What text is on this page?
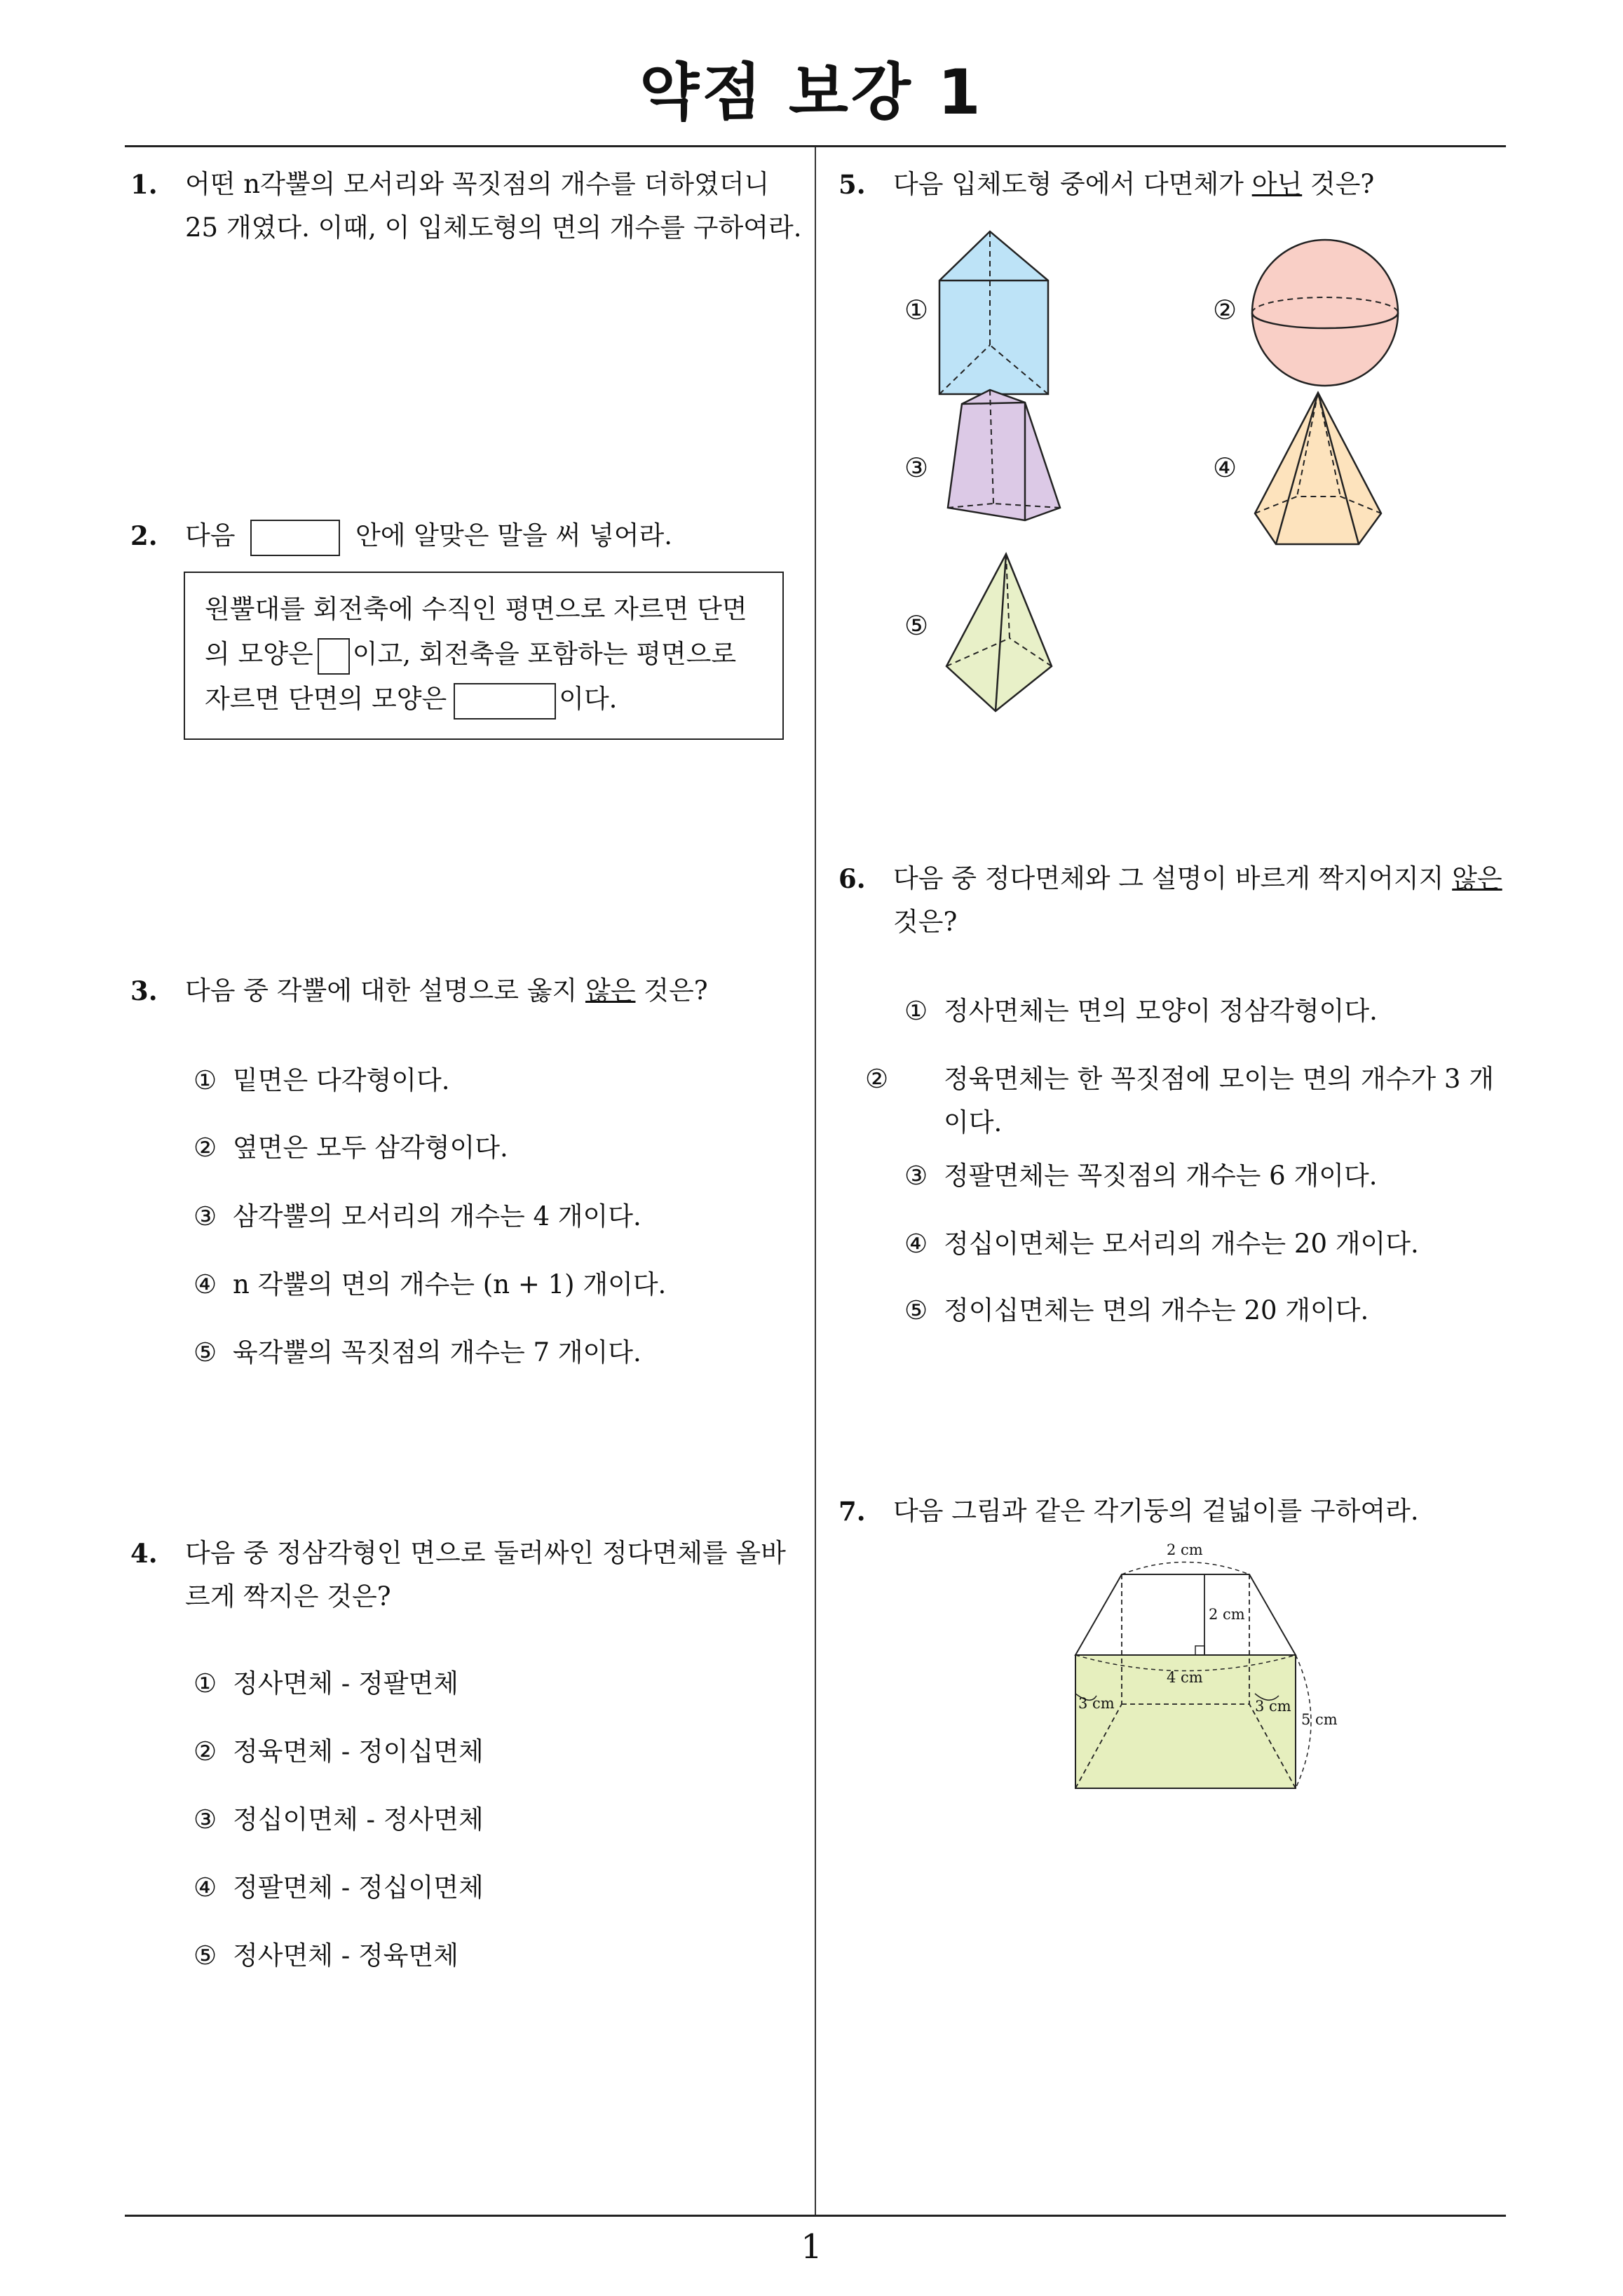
약점 보강 1
1
1. 어떤 n각뿔의 모서리와 꼭짓점의 개수를 더하였더니 25 개였다. 이때, 이 입체도형의 면의 개수를 구하여라.
2. 다음	안에 알맞은 말을 써 넣어라.
원뿔대를 회전축에 수직인 평면으로 자르면 단면
의 모양은 이고, 회전축을 포함하는 평면으로
자르면 단면의 모양은	이다.
3. 다음 중 각뿔에 대한 설명으로 옳지 않은 것은?
① 밑면은 다각형이다.
② 옆면은 모두 삼각형이다.
③ 삼각뿔의 모서리의 개수는 4 개이다.
④ n 각뿔의 면의 개수는 (n + 1) 개이다.
⑤ 육각뿔의 꼭짓점의 개수는 7 개이다.
4. 다음 중 정삼각형인 면으로 둘러싸인 정다면체를 올바르게 짝지은 것은?
① 정사면체 - 정팔면체
② 정육면체 - 정이십면체
③ 정십이면체 - 정사면체
④ 정팔면체 - 정십이면체
⑤ 정사면체 - 정육면체
5. 다음 입체도형 중에서 다면체가 아닌 것은?
①	②
③	④
⑤
6. 다음 중 정다면체와 그 설명이 바르게 짝지어지지 않은 것은?
① 정사면체는 면의 모양이 정삼각형이다.
② 정육면체는 한 꼭짓점에 모이는 면의 개수가 3 개이다.
③ 정팔면체는 꼭짓점의 개수는 6 개이다.
④ 정십이면체는 모서리의 개수는 20 개이다.
⑤ 정이십면체는 면의 개수는 20 개이다.
7. 다음 그림과 같은 각기둥의 겉넓이를 구하여라.
2 cm
2 cm
4 cm
3 cm	3 cm
5 cm
